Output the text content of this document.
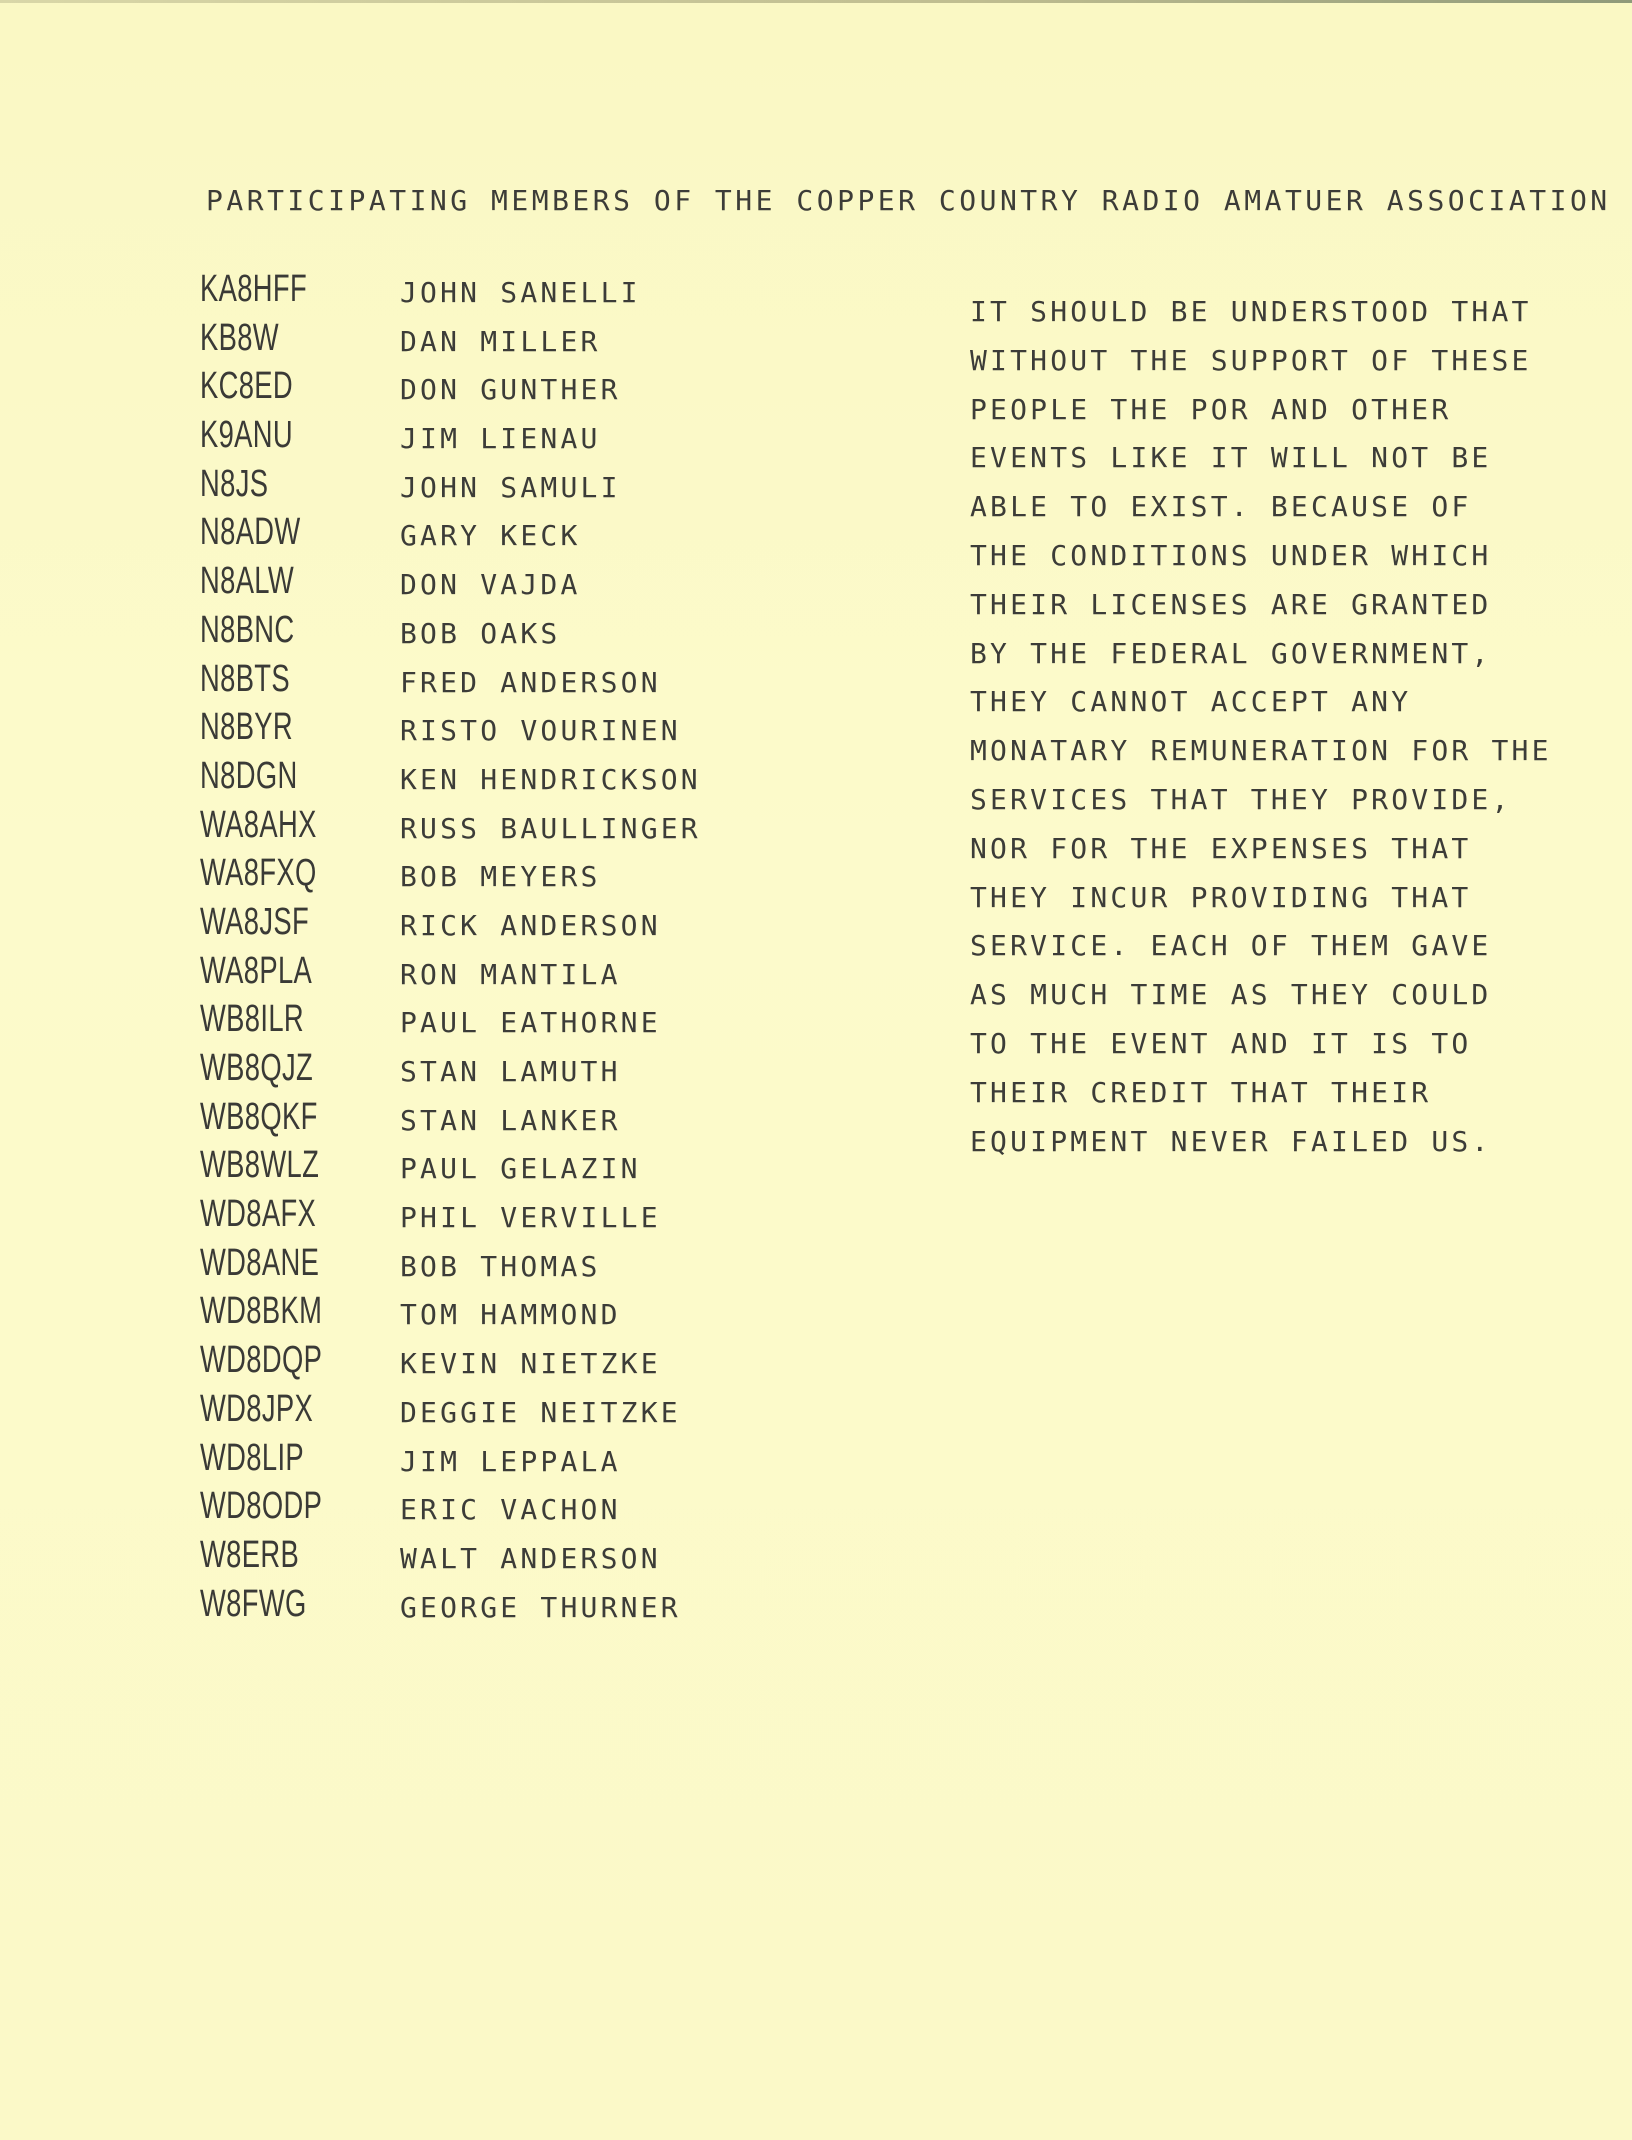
PARTICIPATING MEMBERS OF THE COPPER COUNTRY RADIO AMATUER ASSOCIATION
KA8HFF	JOHN SANELLI
KB8W	DAN MILLER
KC8ED	DON GUNTHER
K9ANU	JIM LIENAU
N8JS	JOHN SAMULI
N8ADW	GARY KECK
N8ALW	DON VAJDA
N8BNC	BOB OAKS
N8BTS	FRED ANDERSON
N8BYR	RISTO VOURINEN
N8DGN	KEN HENDRICKSON
WA8AHX	RUSS BAULLINGER
WA8FXQ	BOB MEYERS
WA8JSF	RICK ANDERSON
WA8PLA	RON MANTILA
WB8ILR	PAUL EATHORNE
WB8QJZ	STAN LAMUTH
WB8QKF	STAN LANKER
WB8WLZ	PAUL GELAZIN
WD8AFX	PHIL VERVILLE
WD8ANE	BOB THOMAS
WD8BKM	TOM HAMMOND
WD8DQP	KEVIN NIETZKE
WD8JPX	DEGGIE NEITZKE
WD8LIP	JIM LEPPALA
WD8ODP	ERIC VACHON
W8ERB	WALT ANDERSON
W8FWG	GEORGE THURNER
IT SHOULD BE UNDERSTOOD THAT
WITHOUT THE SUPPORT OF THESE
PEOPLE THE POR AND OTHER
EVENTS LIKE IT WILL NOT BE
ABLE TO EXIST. BECAUSE OF
THE CONDITIONS UNDER WHICH
THEIR LICENSES ARE GRANTED
BY THE FEDERAL GOVERNMENT,
THEY CANNOT ACCEPT ANY
MONATARY REMUNERATION FOR THE
SERVICES THAT THEY PROVIDE,
NOR FOR THE EXPENSES THAT
THEY INCUR PROVIDING THAT
SERVICE. EACH OF THEM GAVE
AS MUCH TIME AS THEY COULD
TO THE EVENT AND IT IS TO
THEIR CREDIT THAT THEIR
EQUIPMENT NEVER FAILED US.
